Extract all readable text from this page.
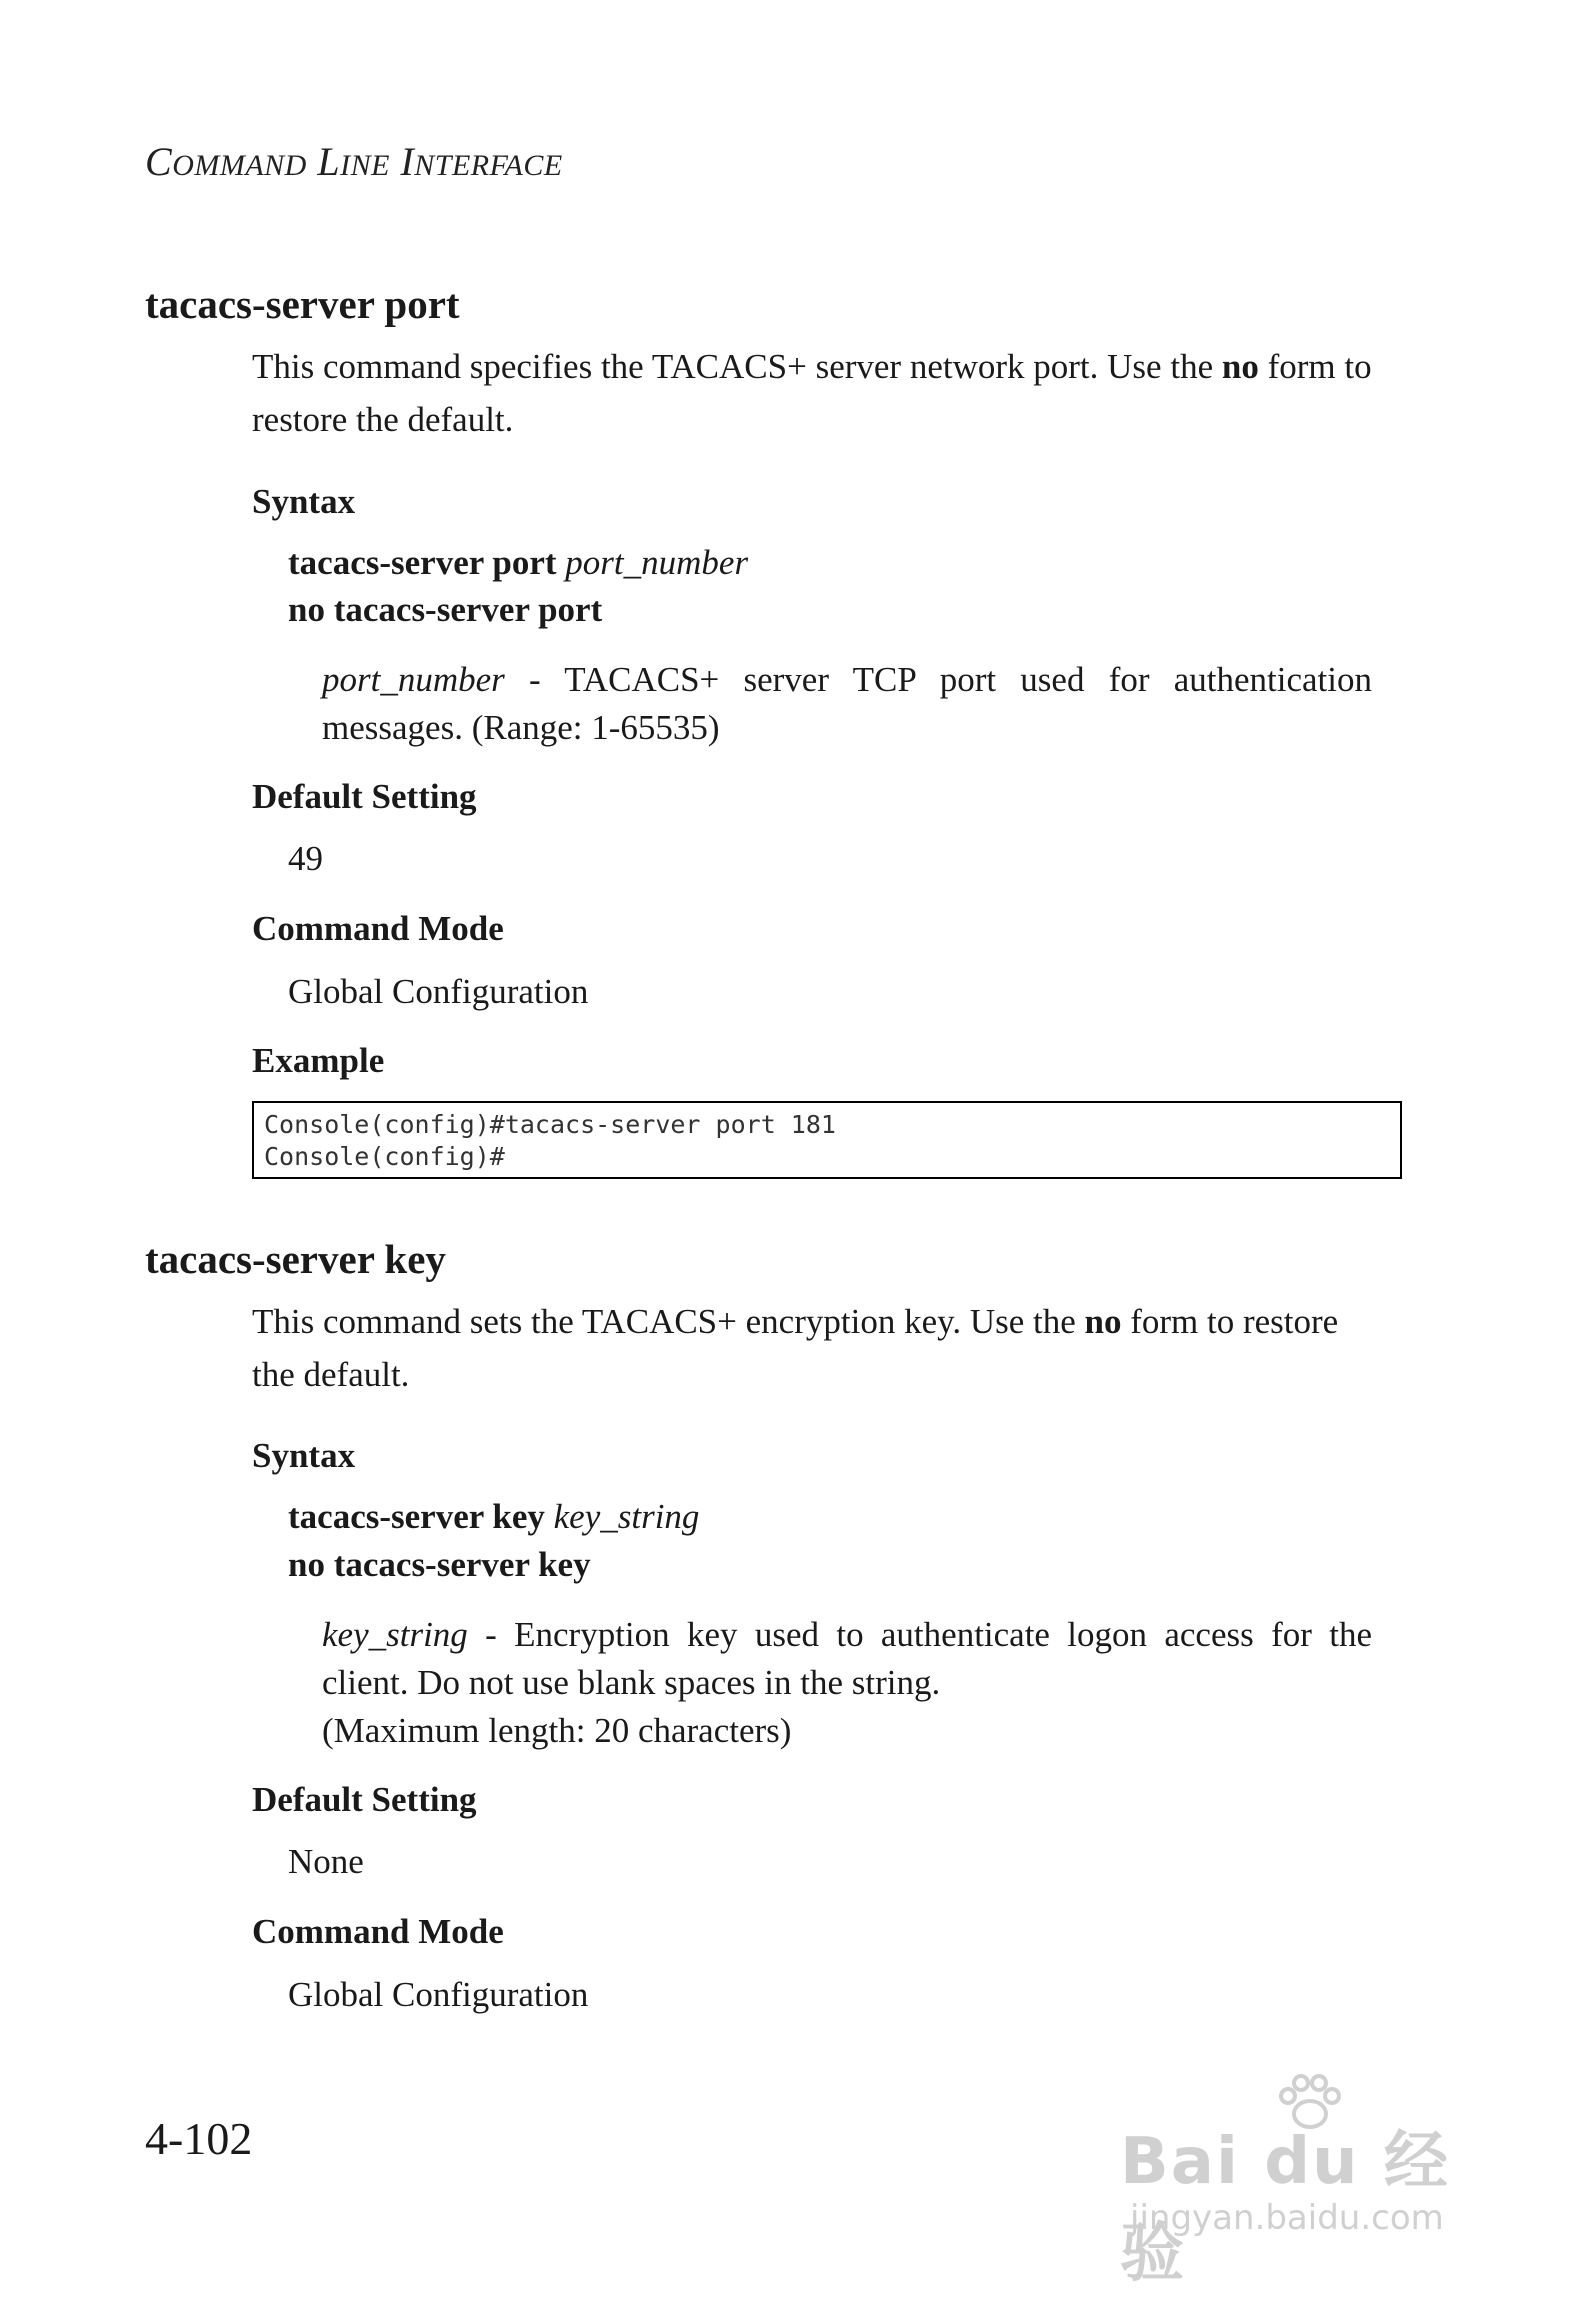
COMMAND LINE INTERFACE
tacacs-server port
This command specifies the TACACS+ server network port. Use the no form to restore the default.
Syntax
tacacs-server port port_number
no tacacs-server port
port_number - TACACS+ server TCP port used for authentication messages. (Range: 1-65535)
Default Setting
49
Command Mode
Global Configuration
Example
Console(config)#tacacs-server port 181
Console(config)#
tacacs-server key
This command sets the TACACS+ encryption key. Use the no form to restore the default.
Syntax
tacacs-server key key_string
no tacacs-server key
key_string - Encryption key used to authenticate logon access for the client. Do not use blank spaces in the string.
(Maximum length: 20 characters)
Default Setting
None
Command Mode
Global Configuration
4-102	Bai du 经验
jingyan.baidu.com
